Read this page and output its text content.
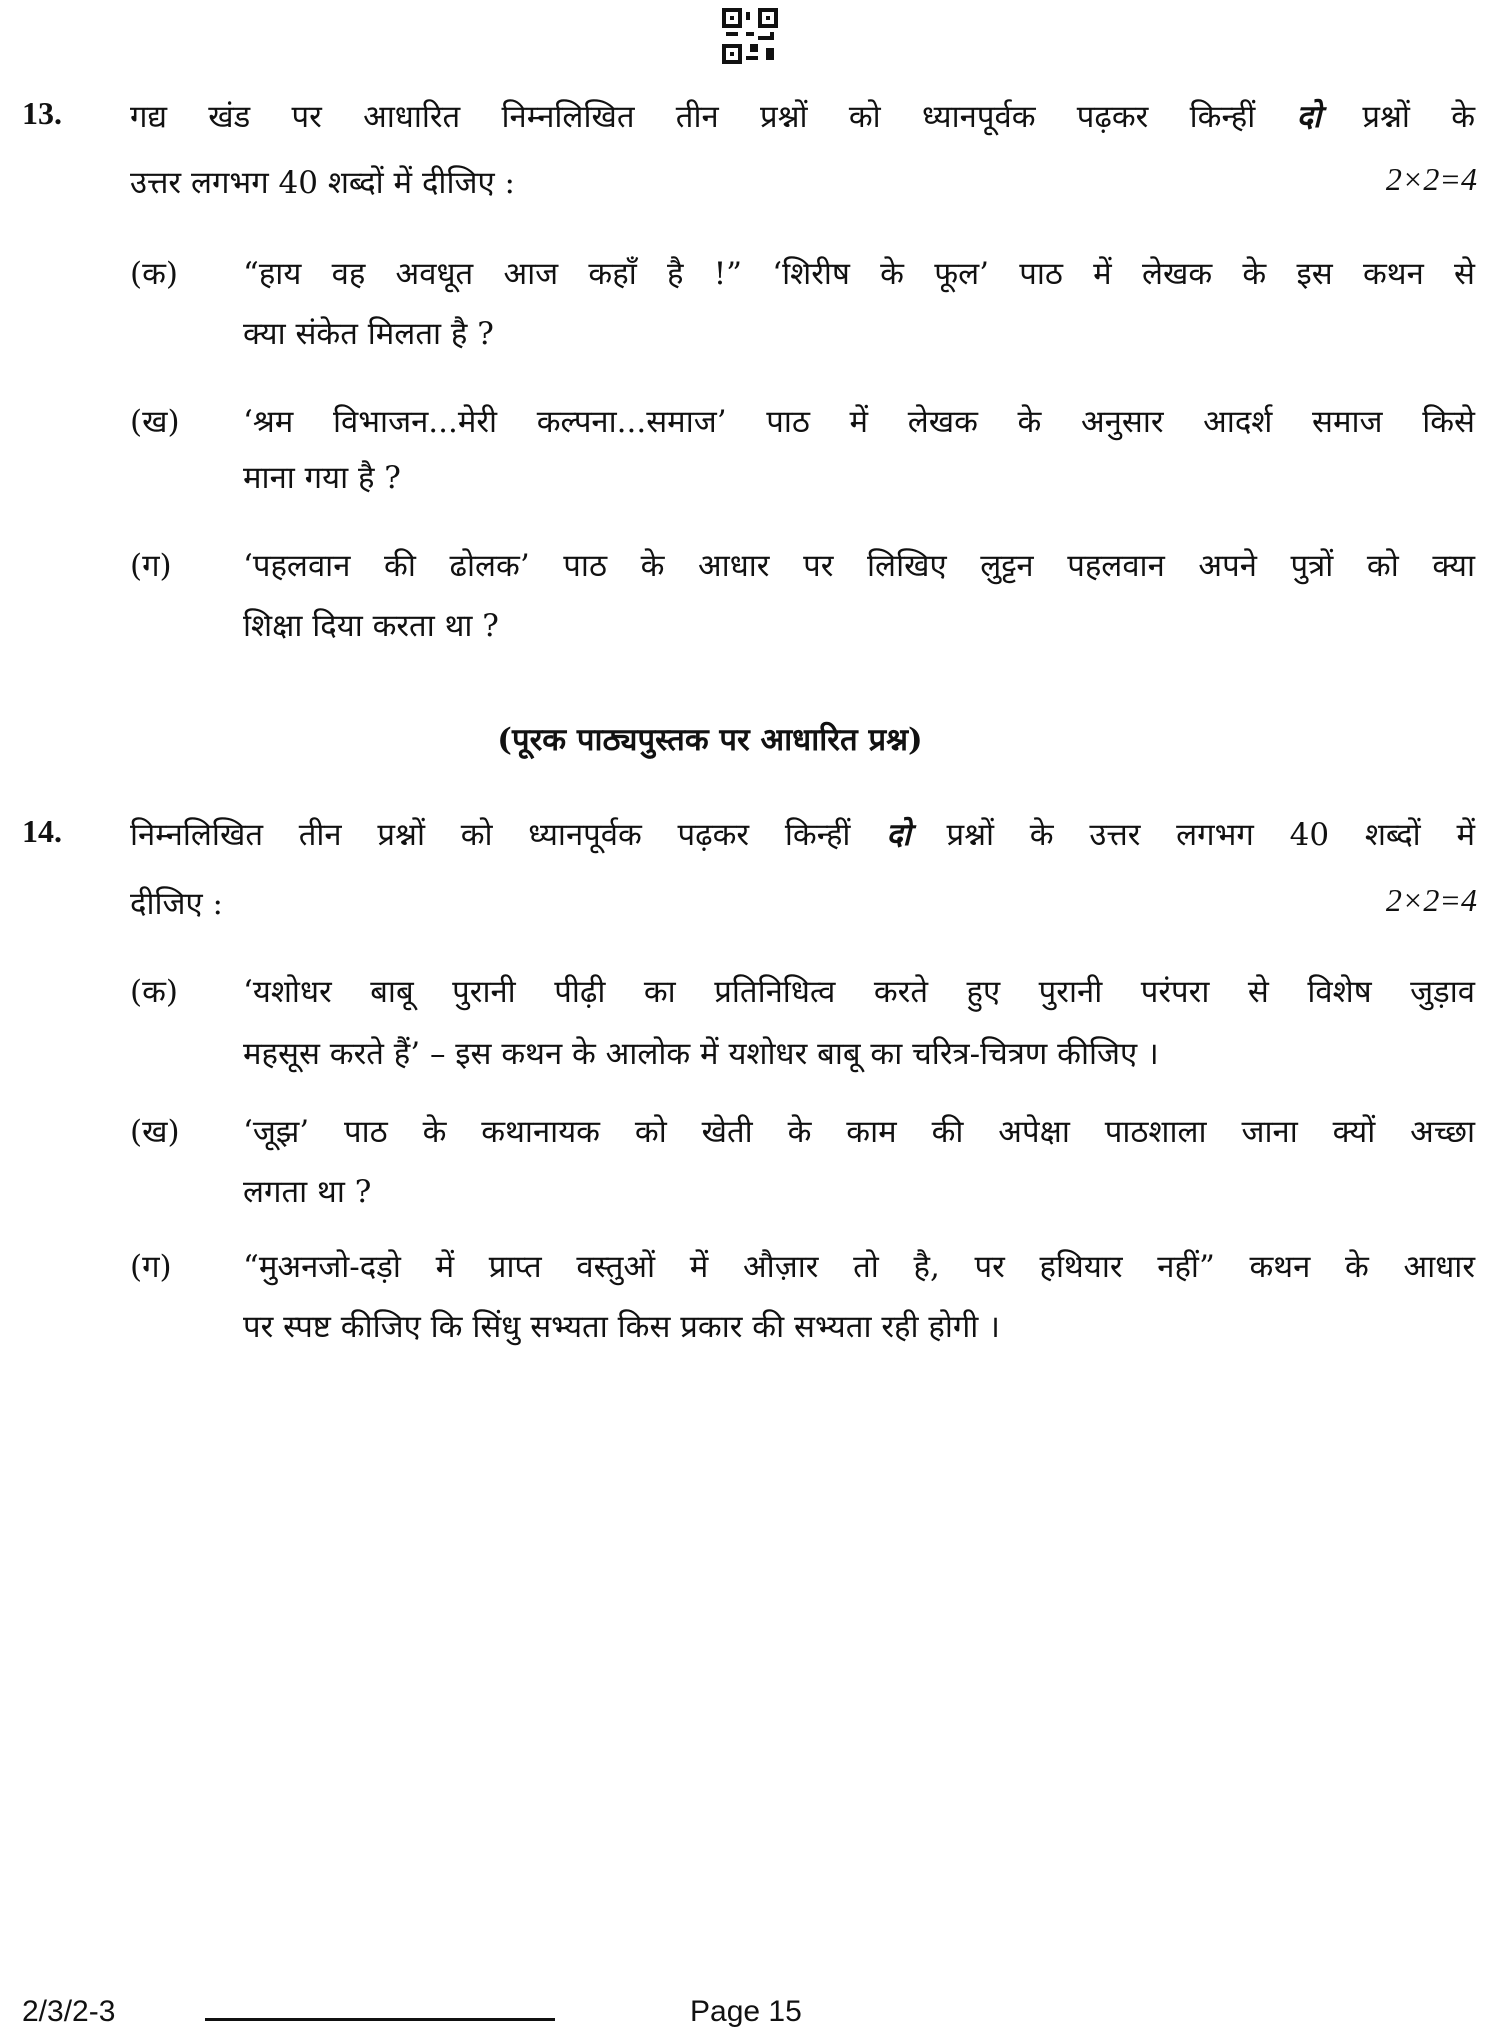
13. गद्य खंड पर आधारित निम्नलिखित तीन प्रश्नों को ध्यानपूर्वक पढ़कर किन्हीं दो प्रश्नों के
उत्तर लगभग 40 शब्दों में दीजिए :	2×2=4
(क) “हाय वह अवधूत आज कहाँ है !” ‘शिरीष के फूल’ पाठ में लेखक के इस कथन से
क्या संकेत मिलता है ?
(ख) ‘श्रम विभाजन...मेरी कल्पना...समाज’ पाठ में लेखक के अनुसार आदर्श समाज किसे
माना गया है ?
(ग) ‘पहलवान की ढोलक’ पाठ के आधार पर लिखिए लुट्टन पहलवान अपने पुत्रों को क्या
शिक्षा दिया करता था ?
(पूरक पाठ्यपुस्तक पर आधारित प्रश्न)
14. निम्नलिखित तीन प्रश्नों को ध्यानपूर्वक पढ़कर किन्हीं दो प्रश्नों के उत्तर लगभग 40 शब्दों में
दीजिए :	2×2=4
(क) ‘यशोधर बाबू पुरानी पीढ़ी का प्रतिनिधित्व करते हुए पुरानी परंपरा से विशेष जुड़ाव
महसूस करते हैं’ – इस कथन के आलोक में यशोधर बाबू का चरित्र-चित्रण कीजिए ।
(ख) ‘जूझ’ पाठ के कथानायक को खेती के काम की अपेक्षा पाठशाला जाना क्यों अच्छा
लगता था ?
(ग) “मुअनजो-दड़ो में प्राप्त वस्तुओं में औज़ार तो है, पर हथियार नहीं” कथन के आधार
पर स्पष्ट कीजिए कि सिंधु सभ्यता किस प्रकार की सभ्यता रही होगी ।
2/3/2-3	Page 15
